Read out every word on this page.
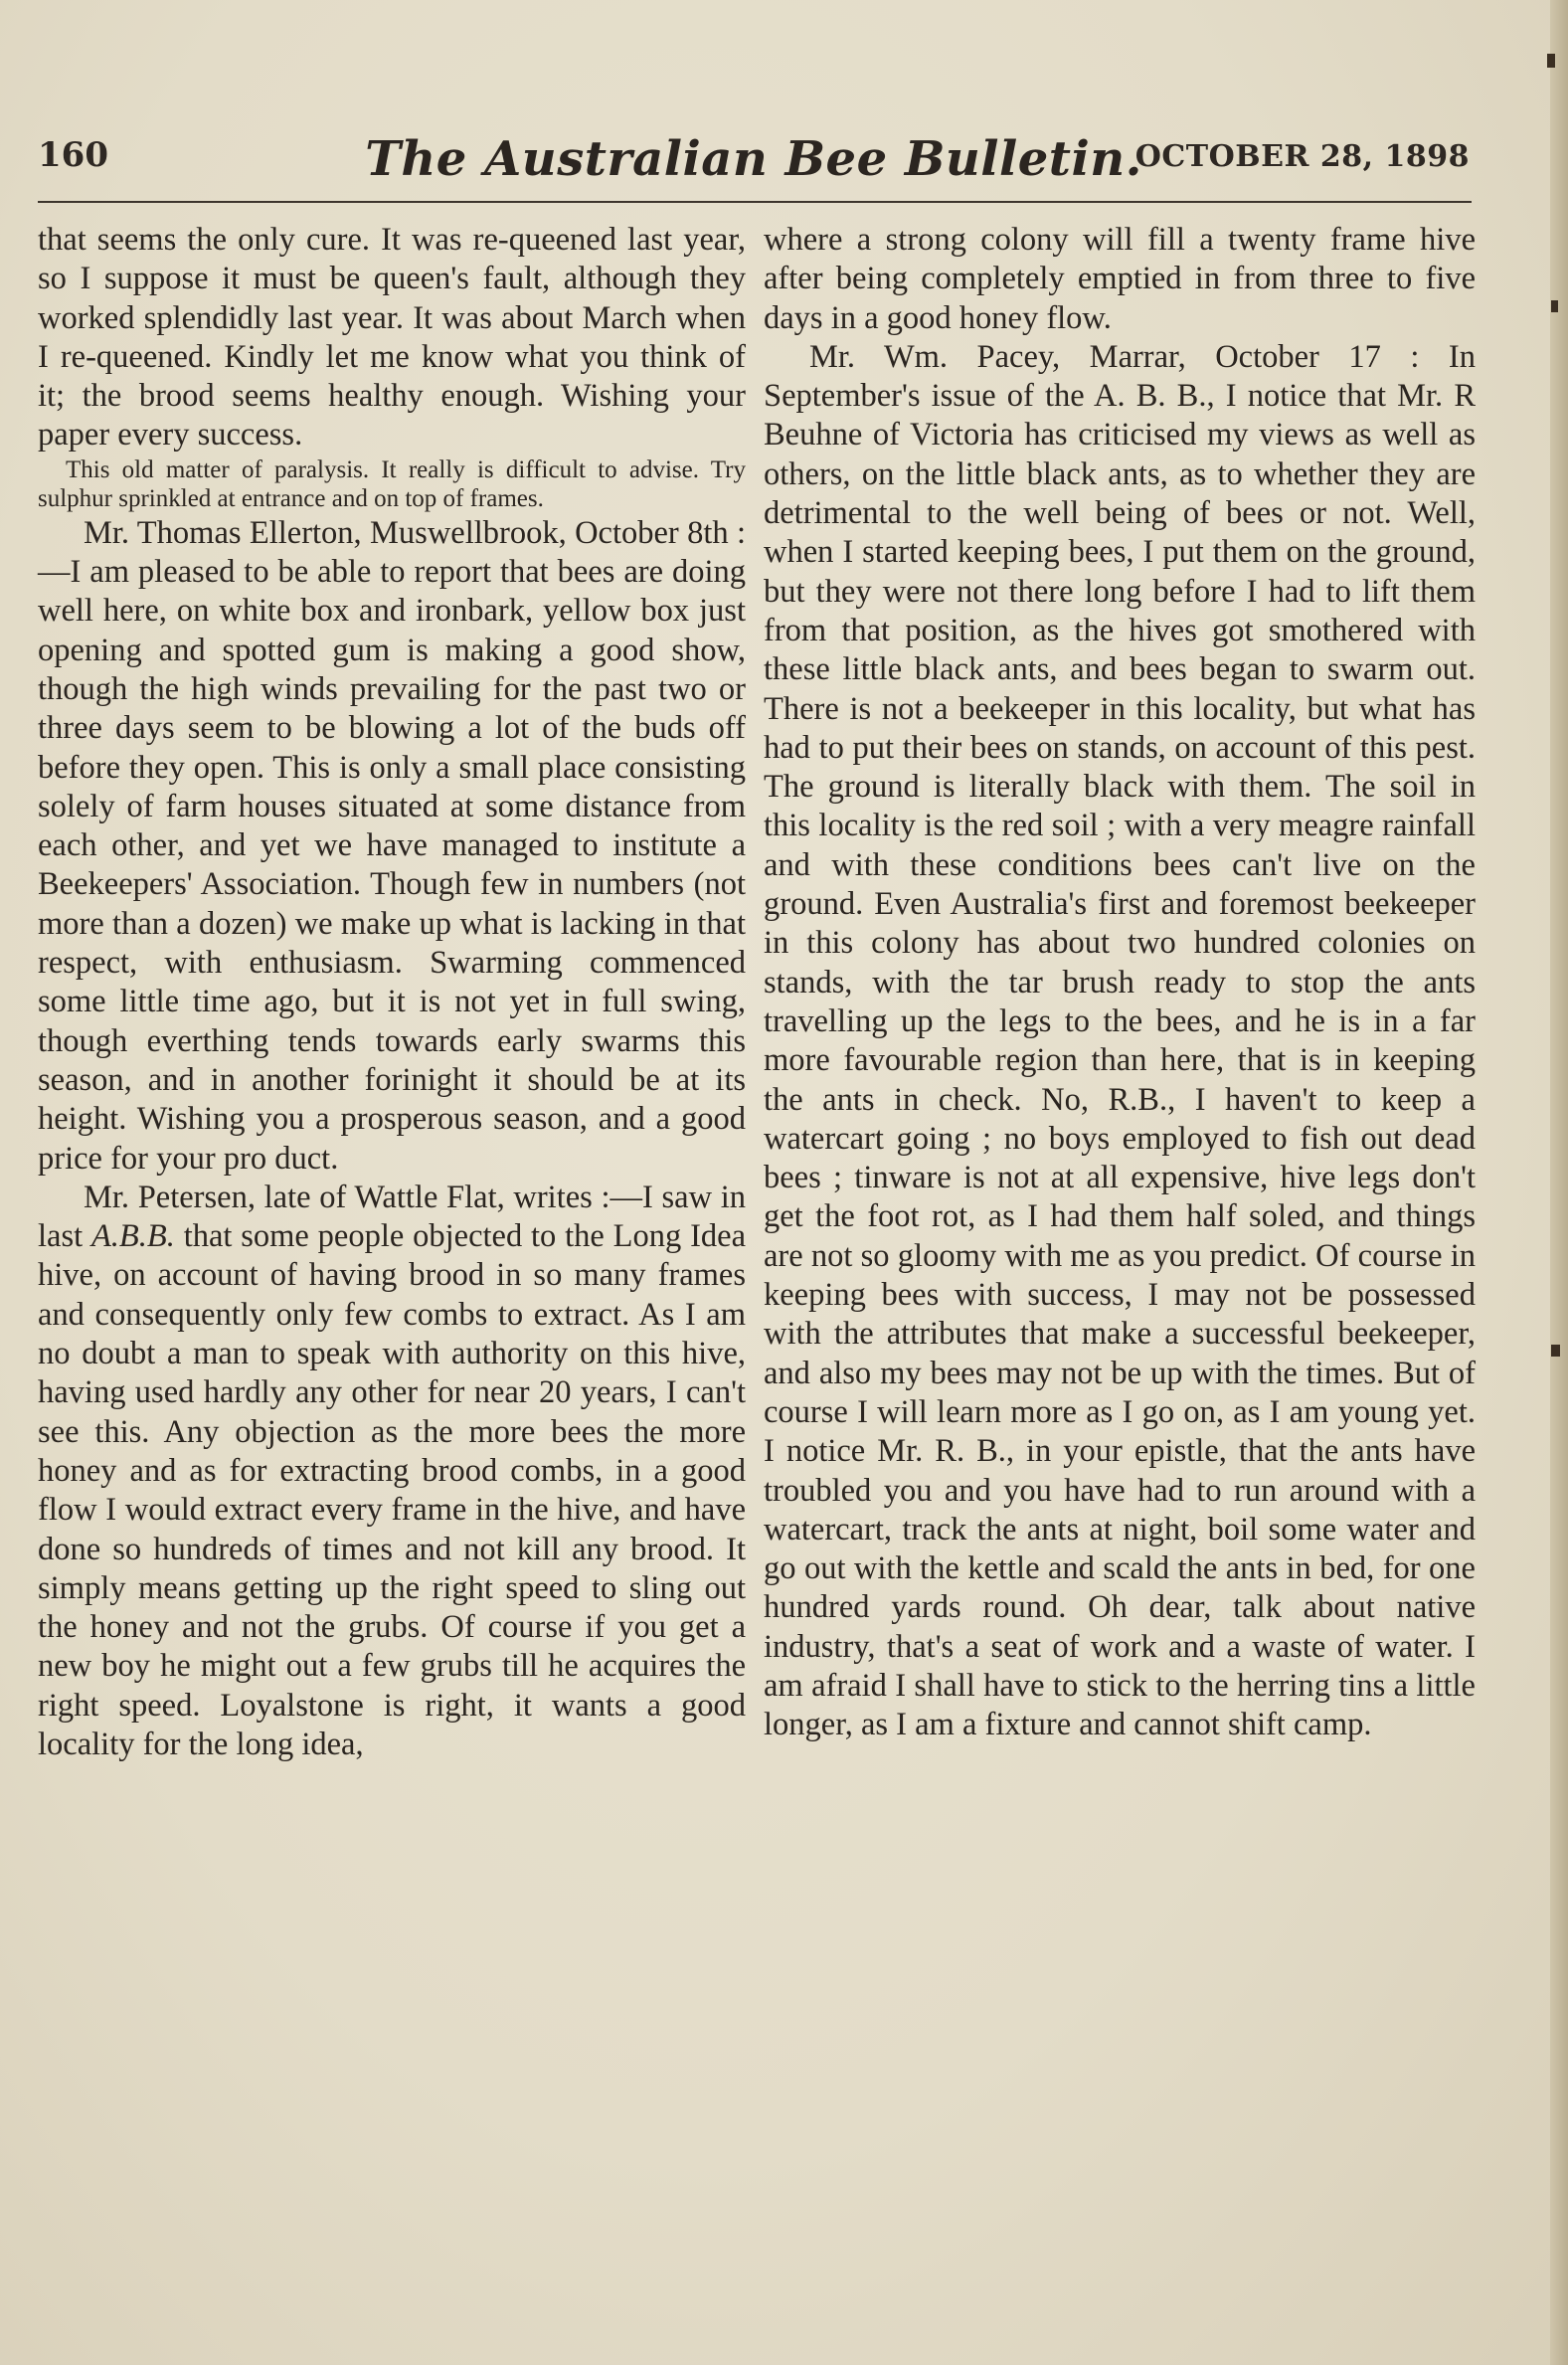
160	The Australian Bee Bulletin.
OCTOBER 28, 1898

that seems the only cure. It was re-queened last year, so I suppose it must be queen's fault, although they worked splendidly last year. It was about March when I re-queened. Kindly let me know what you think of it; the brood seems healthy enough. Wishing your paper every success.

This old matter of paralysis. It really is difficult to advise. Try sulphur sprinkled at entrance and on top of frames.

Mr. Thomas Ellerton, Muswellbrook, October 8th :—I am pleased to be able to report that bees are doing well here, on white box and ironbark, yellow box just opening and spotted gum is making a good show, though the high winds prevailing for the past two or three days seem to be blowing a lot of the buds off before they open. This is only a small place consisting solely of farm houses situated at some distance from each other, and yet we have managed to institute a Beekeepers' Association. Though few in numbers (not more than a dozen) we make up what is lacking in that respect, with enthusiasm. Swarming commenced some little time ago, but it is not yet in full swing, though everthing tends towards early swarms this season, and in another forinight it should be at its height. Wishing you a prosperous season, and a good price for your pro duct.

Mr. Petersen, late of Wattle Flat, writes :—I saw in last A.B.B. that some people objected to the Long Idea hive, on account of having brood in so many frames and consequently only few combs to extract. As I am no doubt a man to speak with authority on this hive, having used hardly any other for near 20 years, I can't see this. Any objection as the more bees the more honey and as for extracting brood combs, in a good flow I would extract every frame in the hive, and have done so hundreds of times and not kill any brood. It simply means getting up the right speed to sling out the honey and not the grubs. Of course if you get a new boy he might out a few grubs till he acquires the right speed. Loyalstone is right, it wants a good locality for the long idea,

where a strong colony will fill a twenty frame hive after being completely emptied in from three to five days in a good honey flow.

Mr. Wm. Pacey, Marrar, October 17 : In September's issue of the A. B. B., I notice that Mr. R Beuhne of Victoria has criticised my views as well as others, on the little black ants, as to whether they are detrimental to the well being of bees or not. Well, when I started keeping bees, I put them on the ground, but they were not there long before I had to lift them from that position, as the hives got smothered with these little black ants, and bees began to swarm out. There is not a beekeeper in this locality, but what has had to put their bees on stands, on account of this pest. The ground is literally black with them. The soil in this locality is the red soil ; with a very meagre rainfall and with these conditions bees can't live on the ground. Even Australia's first and foremost beekeeper in this colony has about two hundred colonies on stands, with the tar brush ready to stop the ants travelling up the legs to the bees, and he is in a far more favourable region than here, that is in keeping the ants in check. No, R.B., I haven't to keep a watercart going ; no boys employed to fish out dead bees ; tinware is not at all expensive, hive legs don't get the foot rot, as I had them half soled, and things are not so gloomy with me as you predict. Of course in keeping bees with success, I may not be possessed with the attributes that make a successful beekeeper, and also my bees may not be up with the times. But of course I will learn more as I go on, as I am young yet. I notice Mr. R. B., in your epistle, that the ants have troubled you and you have had to run around with a watercart, track the ants at night, boil some water and go out with the kettle and scald the ants in bed, for one hundred yards round. Oh dear, talk about native industry, that's a seat of work and a waste of water. I am afraid I shall have to stick to the herring tins a little longer, as I am a fixture and cannot shift camp.
